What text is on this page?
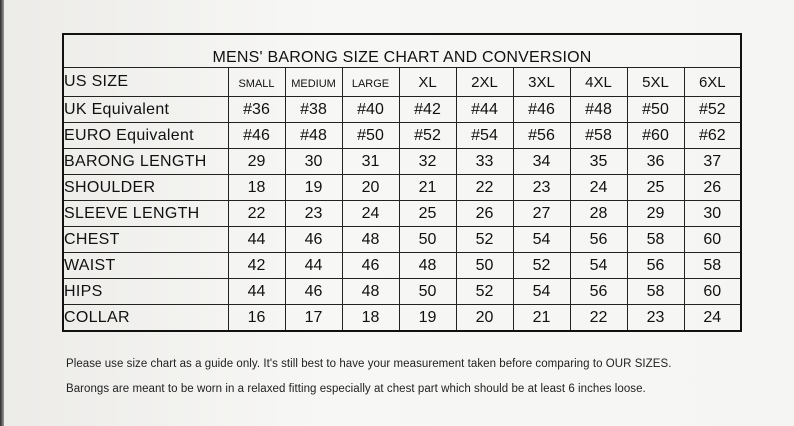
MENS' BARONG SIZE CHART AND CONVERSION									
US SIZE	SMALL	MEDIUM	LARGE	XL	2XL	3XL	4XL	5XL	6XL
UK Equivalent	#36	#38	#40	#42	#44	#46	#48	#50	#52
EURO Equivalent	#46	#48	#50	#52	#54	#56	#58	#60	#62
BARONG LENGTH	29	30	31	32	33	34	35	36	37
SHOULDER	18	19	20	21	22	23	24	25	26
SLEEVE LENGTH	22	23	24	25	26	27	28	29	30
CHEST	44	46	48	50	52	54	56	58	60
WAIST	42	44	46	48	50	52	54	56	58
HIPS	44	46	48	50	52	54	56	58	60
COLLAR	16	17	18	19	20	21	22	23	24

Please use size chart as a guide only. It's still best to have your measurement taken before comparing to OUR SIZES.

Barongs are meant to be worn in a relaxed fitting especially at chest part which should be at least 6 inches loose.
